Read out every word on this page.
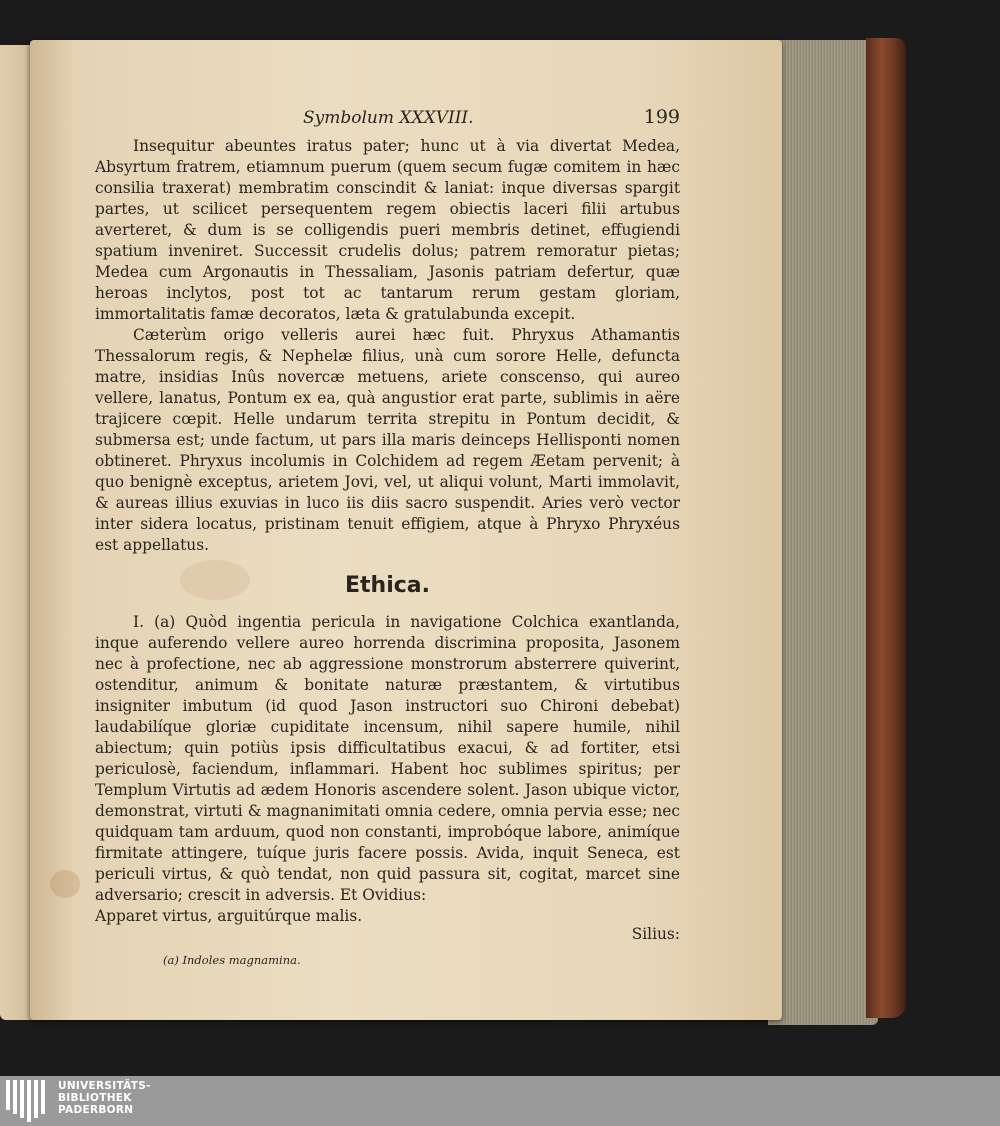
Symbolum XXXVIII.	199

Insequitur abeuntes iratus pater; hunc ut à via divertat Medea, Absyrtum fratrem, etiamnum puerum (quem secum fugæ comitem in hæc consilia traxerat) membratim conscindit & laniat: inque diversas spargit partes, ut scilicet persequentem regem obiectis laceri filii artubus averteret, & dum is se colligendis pueri membris detinet, effugiendi spatium inveniret. Successit crudelis dolus; patrem remoratur pietas; Medea cum Argonautis in Thessaliam, Jasonis patriam defertur, quæ heroas inclytos, post tot ac tantarum rerum gestam gloriam, immortalitatis famæ decoratos, læta & gratulabunda excepit.

Cæterùm origo velleris aurei hæc fuit. Phryxus Athamantis Thessalorum regis, & Nephelæ filius, unà cum sorore Helle, defuncta matre, insidias Inûs novercæ metuens, ariete conscenso, qui aureo vellere, lanatus, Pontum ex ea, quà angustior erat parte, sublimis in aëre trajicere cœpit. Helle undarum territa strepitu in Pontum decidit, & submersa est; unde factum, ut pars illa maris deinceps Hellisponti nomen obtineret. Phryxus incolumis in Colchidem ad regem Æetam pervenit; à quo benignè exceptus, arietem Jovi, vel, ut aliqui volunt, Marti immolavit, & aureas illius exuvias in luco iis diis sacro suspendit. Aries verò vector inter sidera locatus, pristinam tenuit effigiem, atque à Phryxo Phryxéus est appellatus.

Ethica.

I. (a) Quòd ingentia pericula in navigatione Colchica exantlanda, inque auferendo vellere aureo horrenda discrimina proposita, Jasonem nec à profectione, nec ab aggressione monstrorum absterrere quiverint, ostenditur, animum & bonitate naturæ præstantem, & virtutibus insigniter imbutum (id quod Jason instructori suo Chironi debebat) laudabilíque gloriæ cupiditate incensum, nihil sapere humile, nihil abiectum; quin potiùs ipsis difficultatibus exacui, & ad fortiter, etsi periculosè, faciendum, inflammari. Habent hoc sublimes spiritus; per Templum Virtutis ad ædem Honoris ascendere solent. Jason ubique victor, demonstrat, virtuti & magnanimitati omnia cedere, omnia pervia esse; nec quidquam tam arduum, quod non constanti, improbóque labore, animíque firmitate attingere, tuíque juris facere possis. Avida, inquit Seneca, est periculi virtus, & quò tendat, non quid passura sit, cogitat, marcet sine adversario; crescit in adversis. Et Ovidius:

Apparet virtus, arguitúrque malis.

Silius:
(a) Indoles magnamina.
UNIVERSITÄTS-
BIBLIOTHEK
PADERBORN
